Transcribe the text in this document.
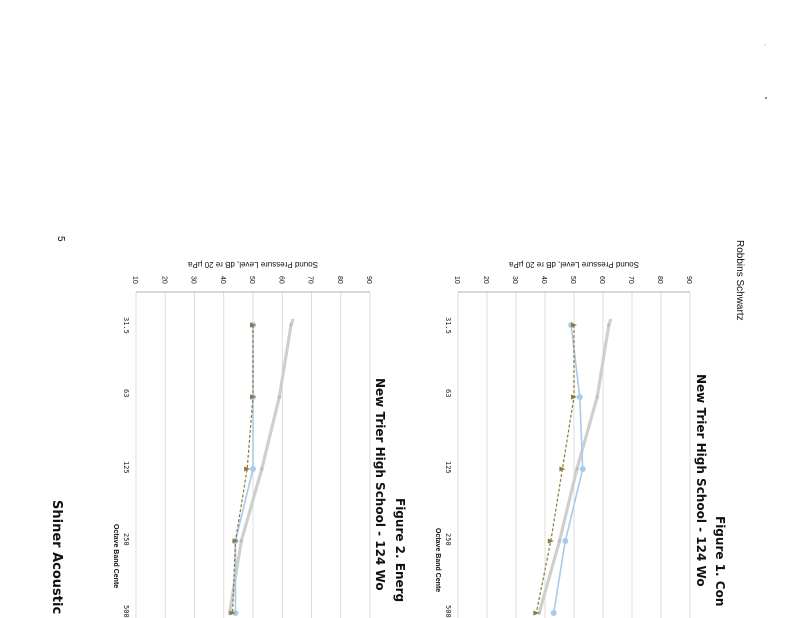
Robbins Schwartz
5
Shiner Acoustic
10	20	30	40	50	60	70	80	90
Sound Pressure Level, dB re 20 µPa
31.5
63
125
250
500
Octave Band Cente	Figure 1. Con
New Trier High School - 124 Wo
10	20	30	40	50	60	70	80	90
Sound Pressure Level, dB re 20 µPa
31.5
63
125
250
500
Octave Band Cente	Figure 2. Energ
New Trier High School - 124 Wo
